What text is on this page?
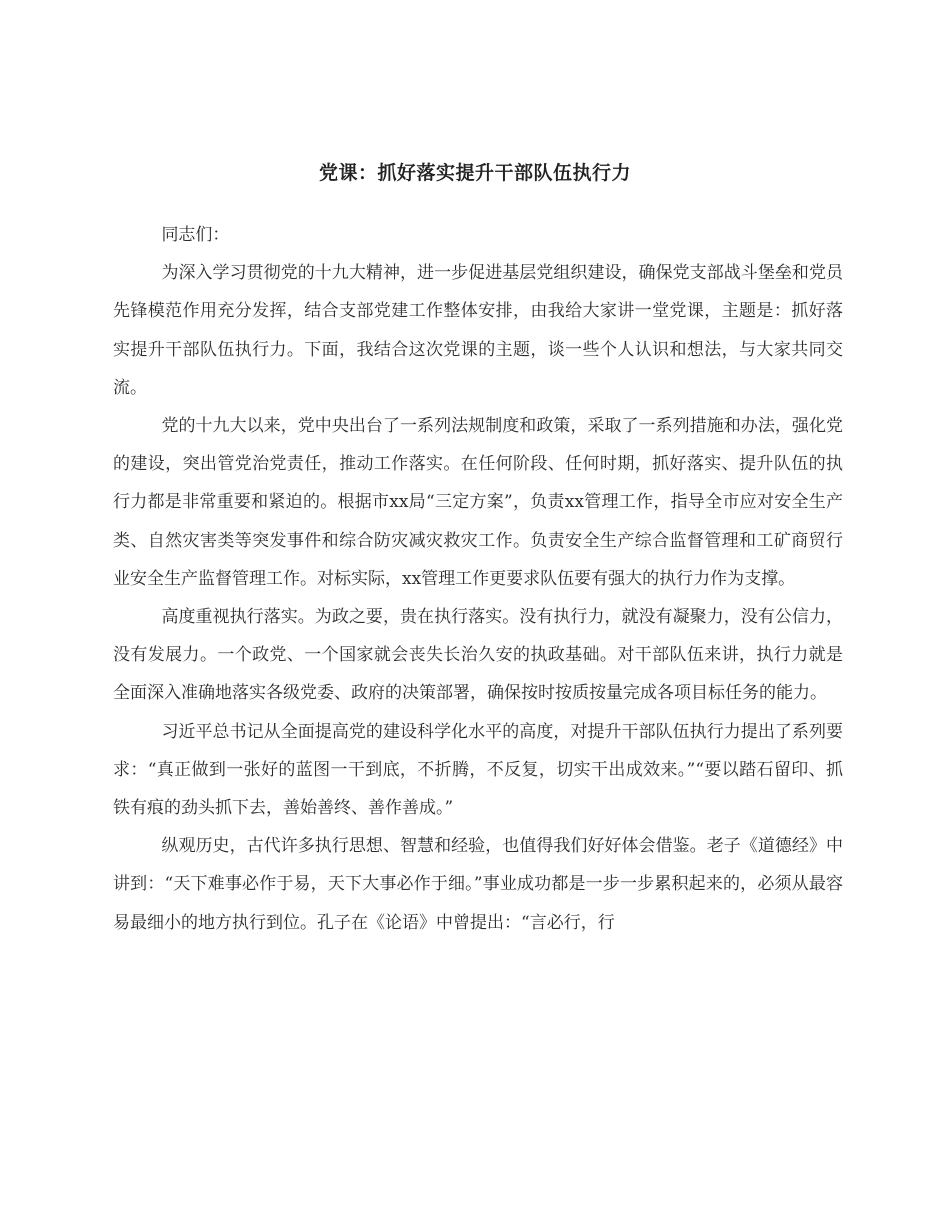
党课：抓好落实提升干部队伍执行力

同志们：

为深入学习贯彻党的十九大精神，进一步促进基层党组织建设，确保党支部战斗堡垒和党员先锋模范作用充分发挥，结合支部党建工作整体安排，由我给大家讲一堂党课，主题是：抓好落实提升干部队伍执行力。下面，我结合这次党课的主题，谈一些个人认识和想法，与大家共同交流。

党的十九大以来，党中央出台了一系列法规制度和政策，采取了一系列措施和办法，强化党的建设，突出管党治党责任，推动工作落实。在任何阶段、任何时期，抓好落实、提升队伍的执行力都是非常重要和紧迫的。根据市xx局“三定方案”，负责xx管理工作，指导全市应对安全生产类、自然灾害类等突发事件和综合防灾减灾救灾工作。负责安全生产综合监督管理和工矿商贸行业安全生产监督管理工作。对标实际，xx管理工作更要求队伍要有强大的执行力作为支撑。

高度重视执行落实。为政之要，贵在执行落实。没有执行力，就没有凝聚力，没有公信力，没有发展力。一个政党、一个国家就会丧失长治久安的执政基础。对干部队伍来讲，执行力就是全面深入准确地落实各级党委、政府的决策部署，确保按时按质按量完成各项目标任务的能力。

习近平总书记从全面提高党的建设科学化水平的高度，对提升干部队伍执行力提出了系列要求：“真正做到一张好的蓝图一干到底，不折腾，不反复，切实干出成效来。”“要以踏石留印、抓铁有痕的劲头抓下去，善始善终、善作善成。”

纵观历史，古代许多执行思想、智慧和经验，也值得我们好好体会借鉴。老子《道德经》中讲到：“天下难事必作于易，天下大事必作于细。”事业成功都是一步一步累积起来的，必须从最容易最细小的地方执行到位。孔子在《论语》中曾提出：“言必行，行
